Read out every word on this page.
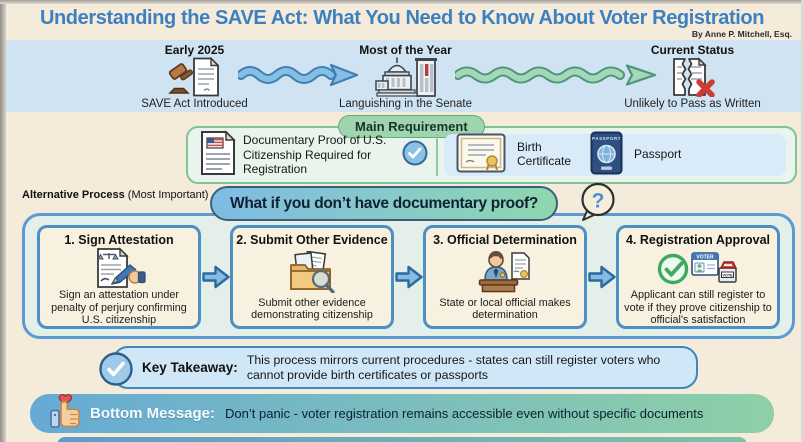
Understanding the SAVE Act: What You Need to Know About Voter Registration
By Anne P. Mitchell, Esq.
Early 2025
SAVE Act Introduced
Most of the Year
Languishing in the Senate
Current Status
Unlikely to Pass as Written
Main Requirement
Documentary Proof of U.S. Citizenship Required for Registration
Birth Certificate
PASSPORT
Passport
Alternative Process (Most Important)	What if you don’t have documentary proof?	?
1. Sign Attestation
Sign an attestation under penalty of perjury confirming U.S. citizenship
2. Submit Other Evidence
Submit other evidence demonstrating citizenship
3. Official Determination
State or local official makes determination
4. Registration Approval
VOTER
VOTE
Applicant can still register to vote if they prove citizenship to official's satisfaction
Key Takeaway: This process mirrors current procedures - states can still register voters who cannot provide birth certificates or passports
Bottom Message: Don’t panic - voter registration remains accessible even without specific documents
